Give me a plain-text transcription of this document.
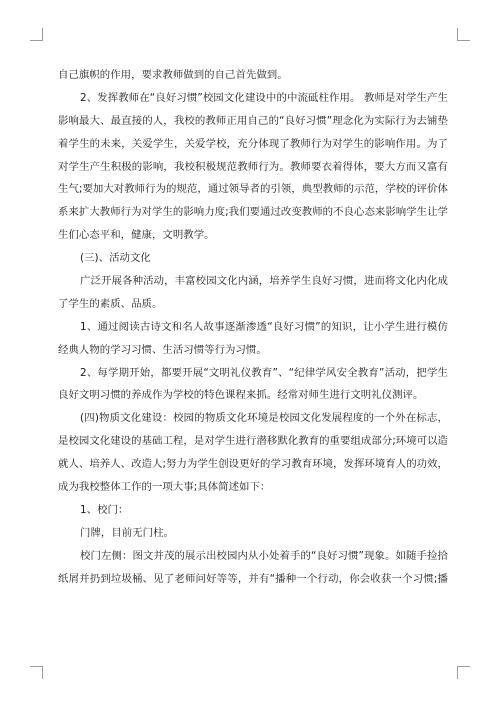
自己旗帜的作用，要求教师做到的自己首先做到。
2、发挥教师在“良好习惯”校园文化建设中的中流砥柱作用。 教师是对学生产生
影响最大、最直接的人，我校的教师正用自己的“良好习惯”理念化为实际行为去铺垫
着学生的未来，关爱学生，关爱学校，充分体现了教师行为对学生的影响作用。为了
对学生产生积极的影响，我校积极规范教师行为。教师要衣着得体，要大方而又富有
生气;要加大对教师行为的规范，通过领导者的引领，典型教师的示范，学校的评价体
系来扩大教师行为对学生的影响力度;我们要通过改变教师的不良心态来影响学生让学
生们心态平和，健康，文明教学。
(三)、活动文化
广泛开展各种活动，丰富校园文化内涵，培养学生良好习惯，进而将文化内化成
了学生的素质、品质。
1、通过阅读古诗文和名人故事逐渐渗透“良好习惯”的知识，让小学生进行模仿
经典人物的学习习惯、生活习惯等行为习惯。
2、每学期开始，都要开展“文明礼仪教育”、“纪律学风安全教育”活动，把学生
良好文明习惯的养成作为学校的特色课程来抓。经常对师生进行文明礼仪测评。
(四)物质文化建设：校园的物质文化环境是校园文化发展程度的一个外在标志，
是校园文化建设的基础工程，是对学生进行潜移默化教育的重要组成部分;环境可以造
就人、培养人、改造人;努力为学生创设更好的学习教育环境，发挥环境育人的功效，
成为我校整体工作的一项大事;具体简述如下：
1、校门：
门牌，目前无门柱。
校门左侧：图文并茂的展示出校园内从小处着手的“良好习惯”现象。如随手捡拾
纸屑并扔到垃圾桶、见了老师问好等等，并有“播种一个行动，你会收获一个习惯;播
